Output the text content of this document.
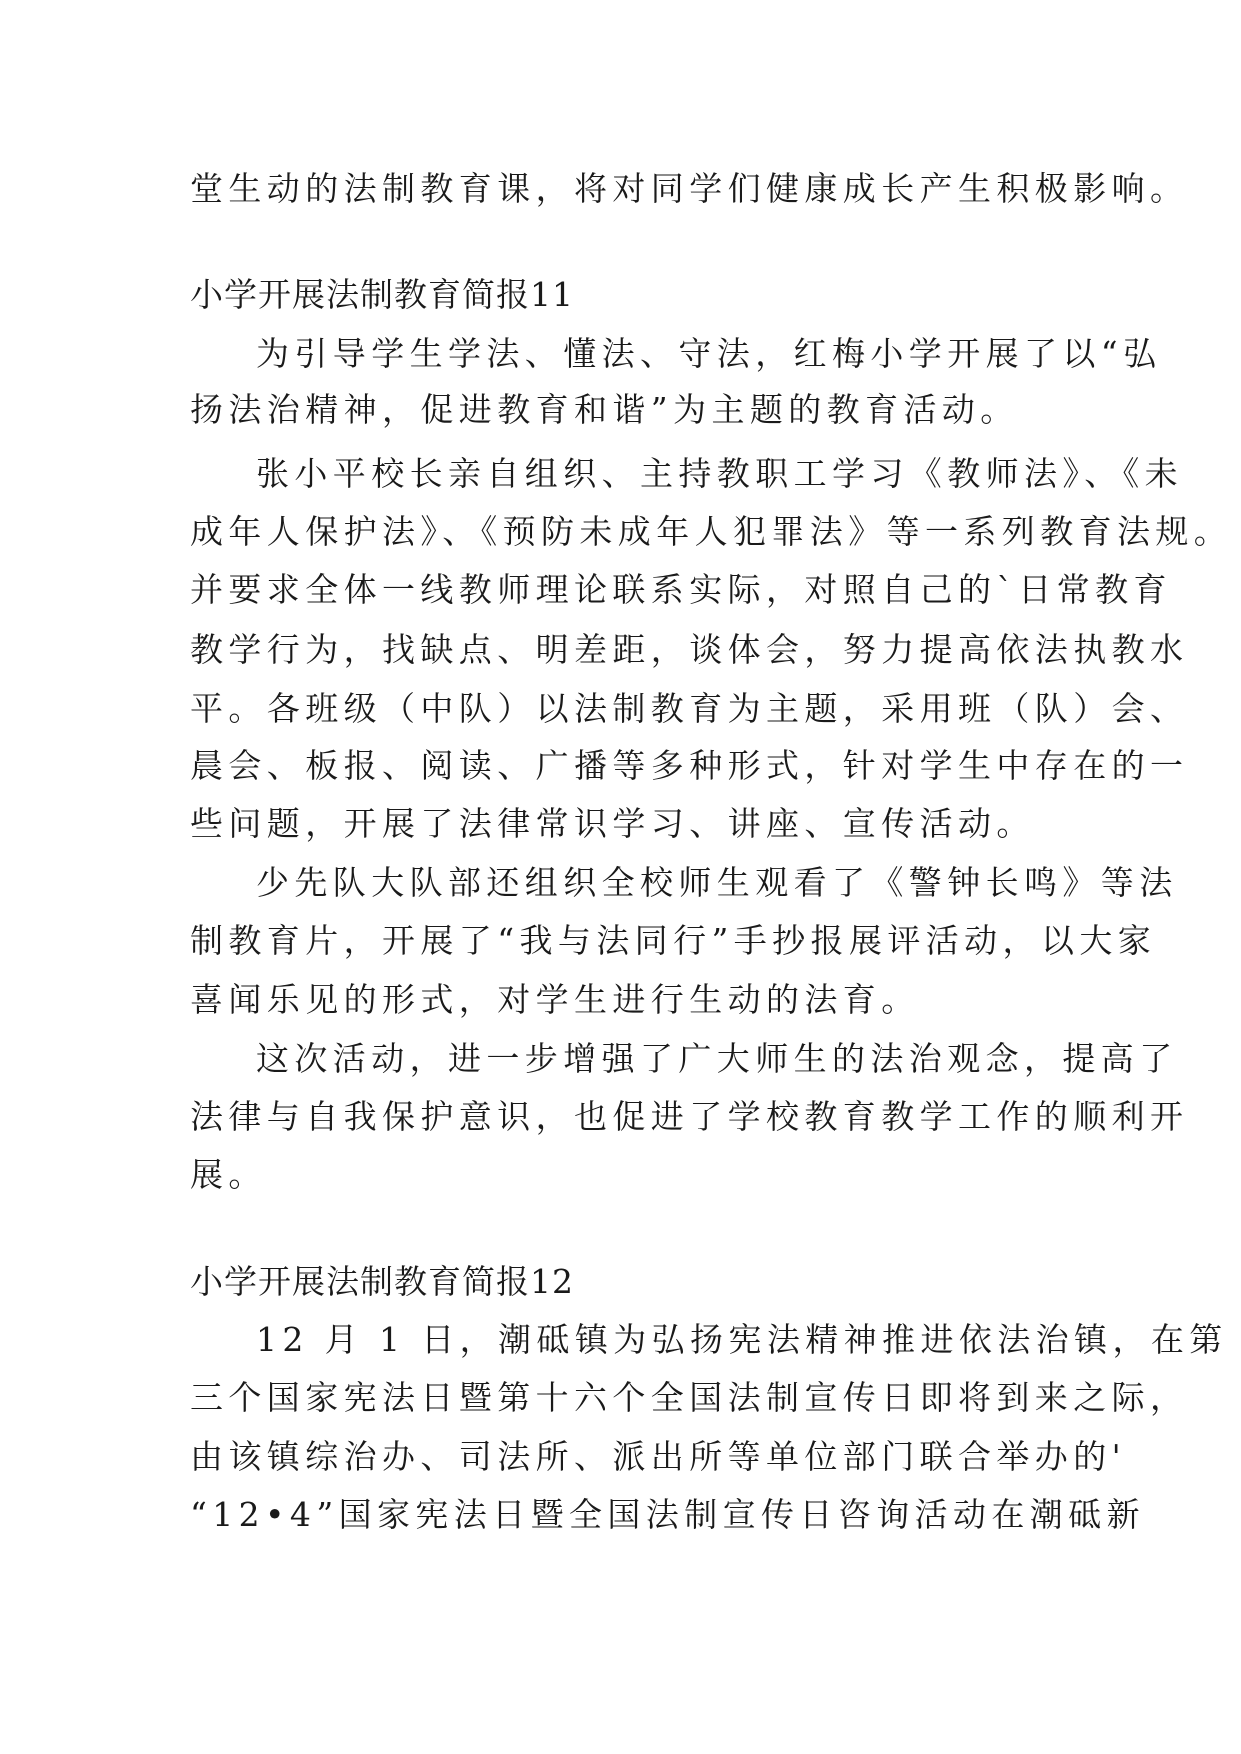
堂生动的法制教育课，将对同学们健康成长产生积极影响。

小学开展法制教育简报11

为引导学生学法、懂法、守法，红梅小学开展了以“弘

扬法治精神，促进教育和谐”为主题的教育活动。

张小平校长亲自组织、主持教职工学习《教师法》、《未

成年人保护法》、《预防未成年人犯罪法》等一系列教育法规。

并要求全体一线教师理论联系实际，对照自己的`日常教育

教学行为，找缺点、明差距，谈体会，努力提高依法执教水

平。各班级（中队）以法制教育为主题，采用班（队）会、

晨会、板报、阅读、广播等多种形式，针对学生中存在的一

些问题，开展了法律常识学习、讲座、宣传活动。

少先队大队部还组织全校师生观看了《警钟长鸣》等法

制教育片，开展了“我与法同行”手抄报展评活动，以大家

喜闻乐见的形式，对学生进行生动的法育。

这次活动，进一步增强了广大师生的法治观念，提高了

法律与自我保护意识，也促进了学校教育教学工作的顺利开

展。

小学开展法制教育简报12

12 月 1 日，潮砥镇为弘扬宪法精神推进依法治镇，在第

三个国家宪法日暨第十六个全国法制宣传日即将到来之际，

由该镇综治办、司法所、派出所等单位部门联合举办的'

“12•4”国家宪法日暨全国法制宣传日咨询活动在潮砥新
